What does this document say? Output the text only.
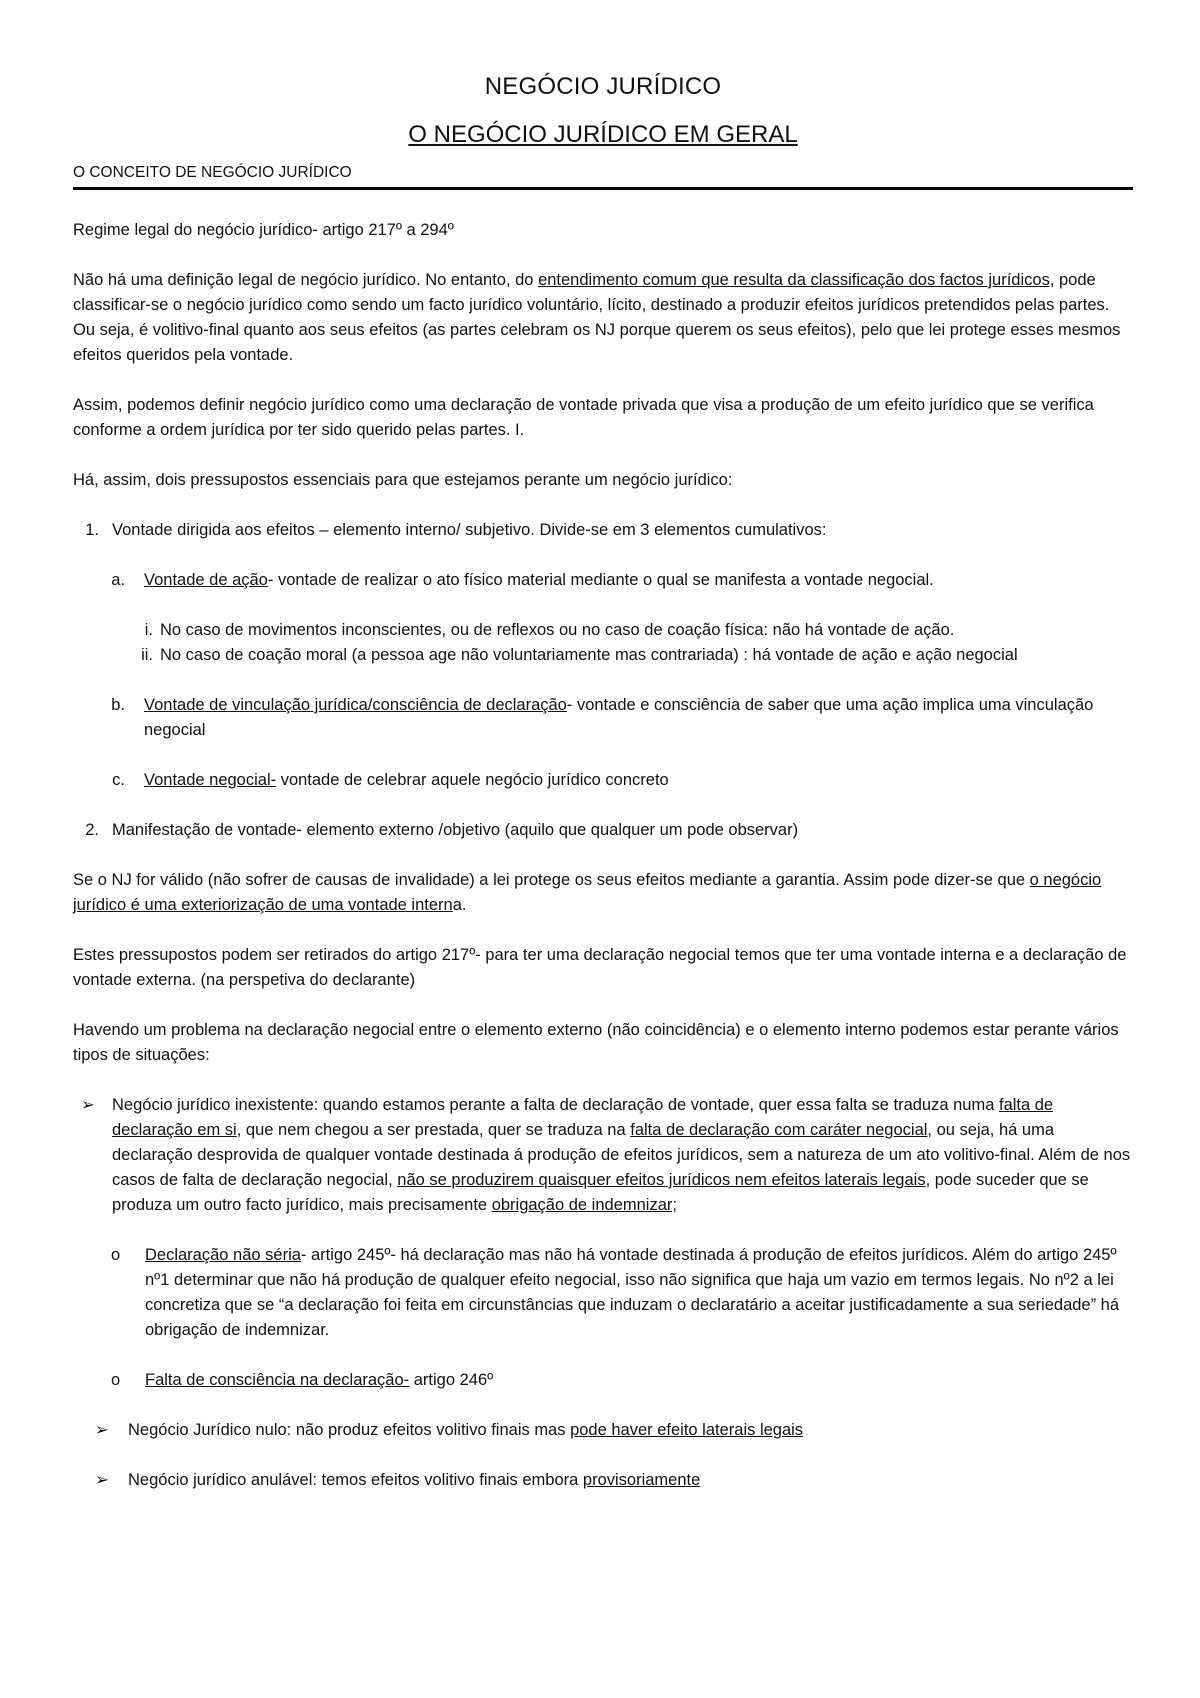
NEGÓCIO JURÍDICO
O NEGÓCIO JURÍDICO EM GERAL
O CONCEITO DE NEGÓCIO JURÍDICO

Regime legal do negócio jurídico- artigo 217º a 294º

Não há uma definição legal de negócio jurídico. No entanto, do entendimento comum que resulta da classificação dos factos jurídicos, pode classificar-se o negócio jurídico como sendo um facto jurídico voluntário, lícito, destinado a produzir efeitos jurídicos pretendidos pelas partes. Ou seja, é volitivo-final quanto aos seus efeitos (as partes celebram os NJ porque querem os seus efeitos), pelo que lei protege esses mesmos efeitos queridos pela vontade.

Assim, podemos definir negócio jurídico como uma declaração de vontade privada que visa a produção de um efeito jurídico que se verifica conforme a ordem jurídica por ter sido querido pelas partes. I.

Há, assim, dois pressupostos essenciais para que estejamos perante um negócio jurídico:

1. Vontade dirigida aos efeitos – elemento interno/ subjetivo. Divide-se em 3 elementos cumulativos:
a. Vontade de ação- vontade de realizar o ato físico material mediante o qual se manifesta a vontade negocial.
i. No caso de movimentos inconscientes, ou de reflexos ou no caso de coação física: não há vontade de ação.
ii. No caso de coação moral (a pessoa age não voluntariamente mas contrariada) : há vontade de ação e ação negocial
b. Vontade de vinculação jurídica/consciência de declaração- vontade e consciência de saber que uma ação implica uma vinculação negocial
c. Vontade negocial- vontade de celebrar aquele negócio jurídico concreto
2. Manifestação de vontade- elemento externo /objetivo (aquilo que qualquer um pode observar)

Se o NJ for válido (não sofrer de causas de invalidade) a lei protege os seus efeitos mediante a garantia. Assim pode dizer-se que o negócio jurídico é uma exteriorização de uma vontade interna.

Estes pressupostos podem ser retirados do artigo 217º- para ter uma declaração negocial temos que ter uma vontade interna e a declaração de vontade externa. (na perspetiva do declarante)

Havendo um problema na declaração negocial entre o elemento externo (não coincidência) e o elemento interno podemos estar perante vários tipos de situações:

➢	Negócio jurídico inexistente: quando estamos perante a falta de declaração de vontade, quer essa falta se traduza numa falta de declaração em si, que nem chegou a ser prestada, quer se traduza na falta de declaração com caráter negocial, ou seja, há uma declaração desprovida de qualquer vontade destinada á produção de efeitos jurídicos, sem a natureza de um ato volitivo-final. Além de nos casos de falta de declaração negocial, não se produzirem quaisquer efeitos jurídicos nem efeitos laterais legais, pode suceder que se produza um outro facto jurídico, mais precisamente obrigação de indemnizar;
o	Declaração não séria- artigo 245º- há declaração mas não há vontade destinada á produção de efeitos jurídicos. Além do artigo 245º nº1 determinar que não há produção de qualquer efeito negocial, isso não significa que haja um vazio em termos legais. No nº2 a lei concretiza que se “a declaração foi feita em circunstâncias que induzam o declaratário a aceitar justificadamente a sua seriedade” há obrigação de indemnizar.
o	Falta de consciência na declaração- artigo 246º
➢	Negócio Jurídico nulo: não produz efeitos volitivo finais mas pode haver efeito laterais legais
➢	Negócio jurídico anulável: temos efeitos volitivo finais embora provisoriamente
